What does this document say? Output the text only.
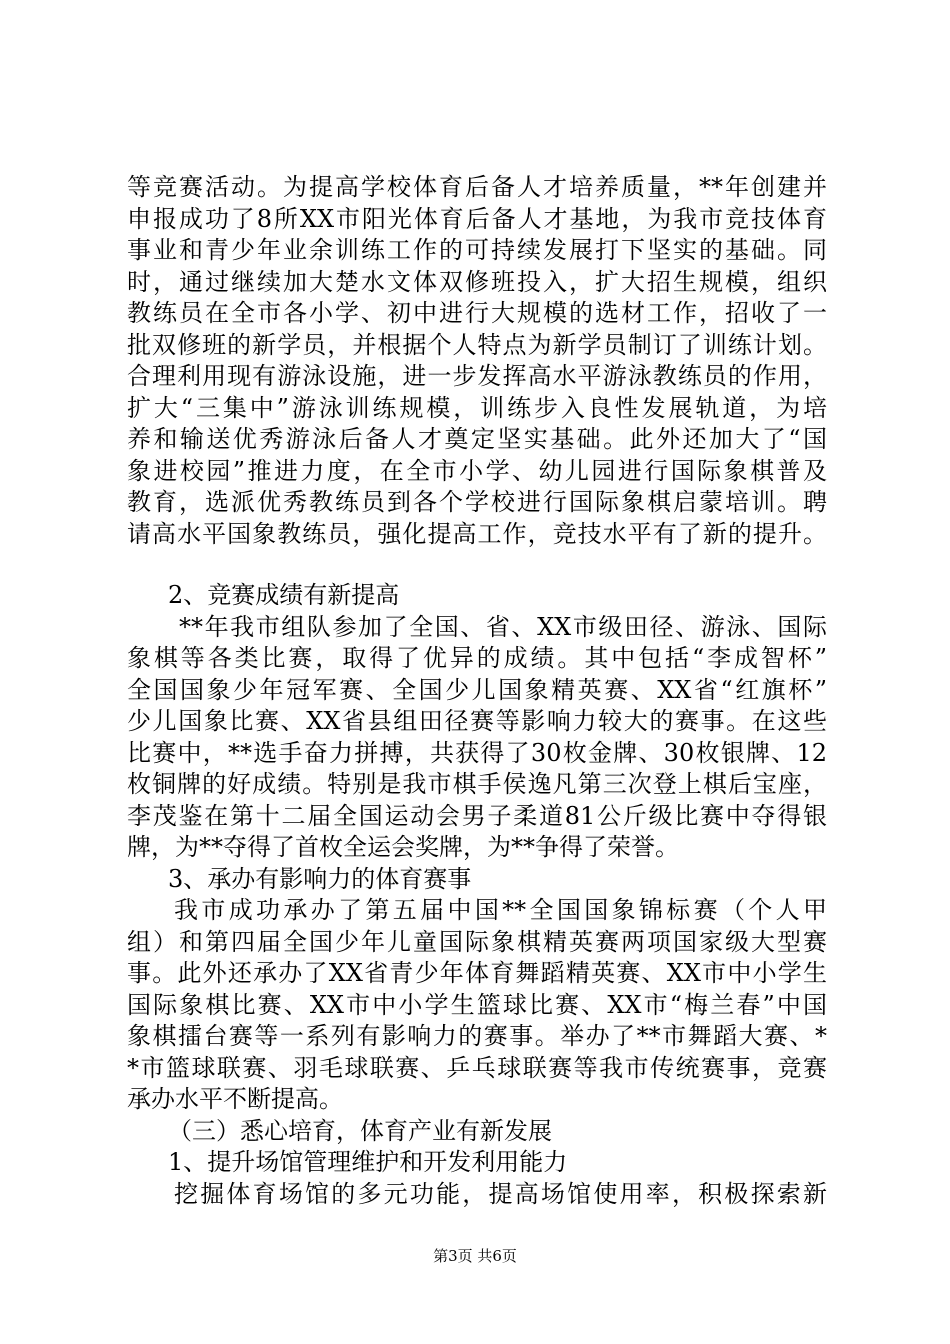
等竞赛活动。为提高学校体育后备人才培养质量，**年创建并
申报成功了8所XX市阳光体育后备人才基地，为我市竞技体育
事业和青少年业余训练工作的可持续发展打下坚实的基础。同
时，通过继续加大楚水文体双修班投入，扩大招生规模，组织
教练员在全市各小学、初中进行大规模的选材工作，招收了一
批双修班的新学员，并根据个人特点为新学员制订了训练计划。
合理利用现有游泳设施，进一步发挥高水平游泳教练员的作用，
扩大“三集中”游泳训练规模，训练步入良性发展轨道，为培
养和输送优秀游泳后备人才奠定坚实基础。此外还加大了“国
象进校园”推进力度，在全市小学、幼儿园进行国际象棋普及
教育，选派优秀教练员到各个学校进行国际象棋启蒙培训。聘
请高水平国象教练员，强化提高工作，竞技水平有了新的提升。
2、竞赛成绩有新提高
**年我市组队参加了全国、省、XX市级田径、游泳、国际
象棋等各类比赛，取得了优异的成绩。其中包括“李成智杯”
全国国象少年冠军赛、全国少儿国象精英赛、XX省“红旗杯”
少儿国象比赛、XX省县组田径赛等影响力较大的赛事。在这些
比赛中，**选手奋力拼搏，共获得了30枚金牌、30枚银牌、12
枚铜牌的好成绩。特别是我市棋手侯逸凡第三次登上棋后宝座，
李茂鉴在第十二届全国运动会男子柔道81公斤级比赛中夺得银
牌，为**夺得了首枚全运会奖牌，为**争得了荣誉。
3、承办有影响力的体育赛事
我市成功承办了第五届中国**全国国象锦标赛（个人甲
组）和第四届全国少年儿童国际象棋精英赛两项国家级大型赛
事。此外还承办了XX省青少年体育舞蹈精英赛、XX市中小学生
国际象棋比赛、XX市中小学生篮球比赛、XX市“梅兰春”中国
象棋擂台赛等一系列有影响力的赛事。举办了**市舞蹈大赛、*
*市篮球联赛、羽毛球联赛、乒乓球联赛等我市传统赛事，竞赛
承办水平不断提高。
（三）悉心培育，体育产业有新发展
1、提升场馆管理维护和开发利用能力
挖掘体育场馆的多元功能，提高场馆使用率，积极探索新
第3页 共6页
